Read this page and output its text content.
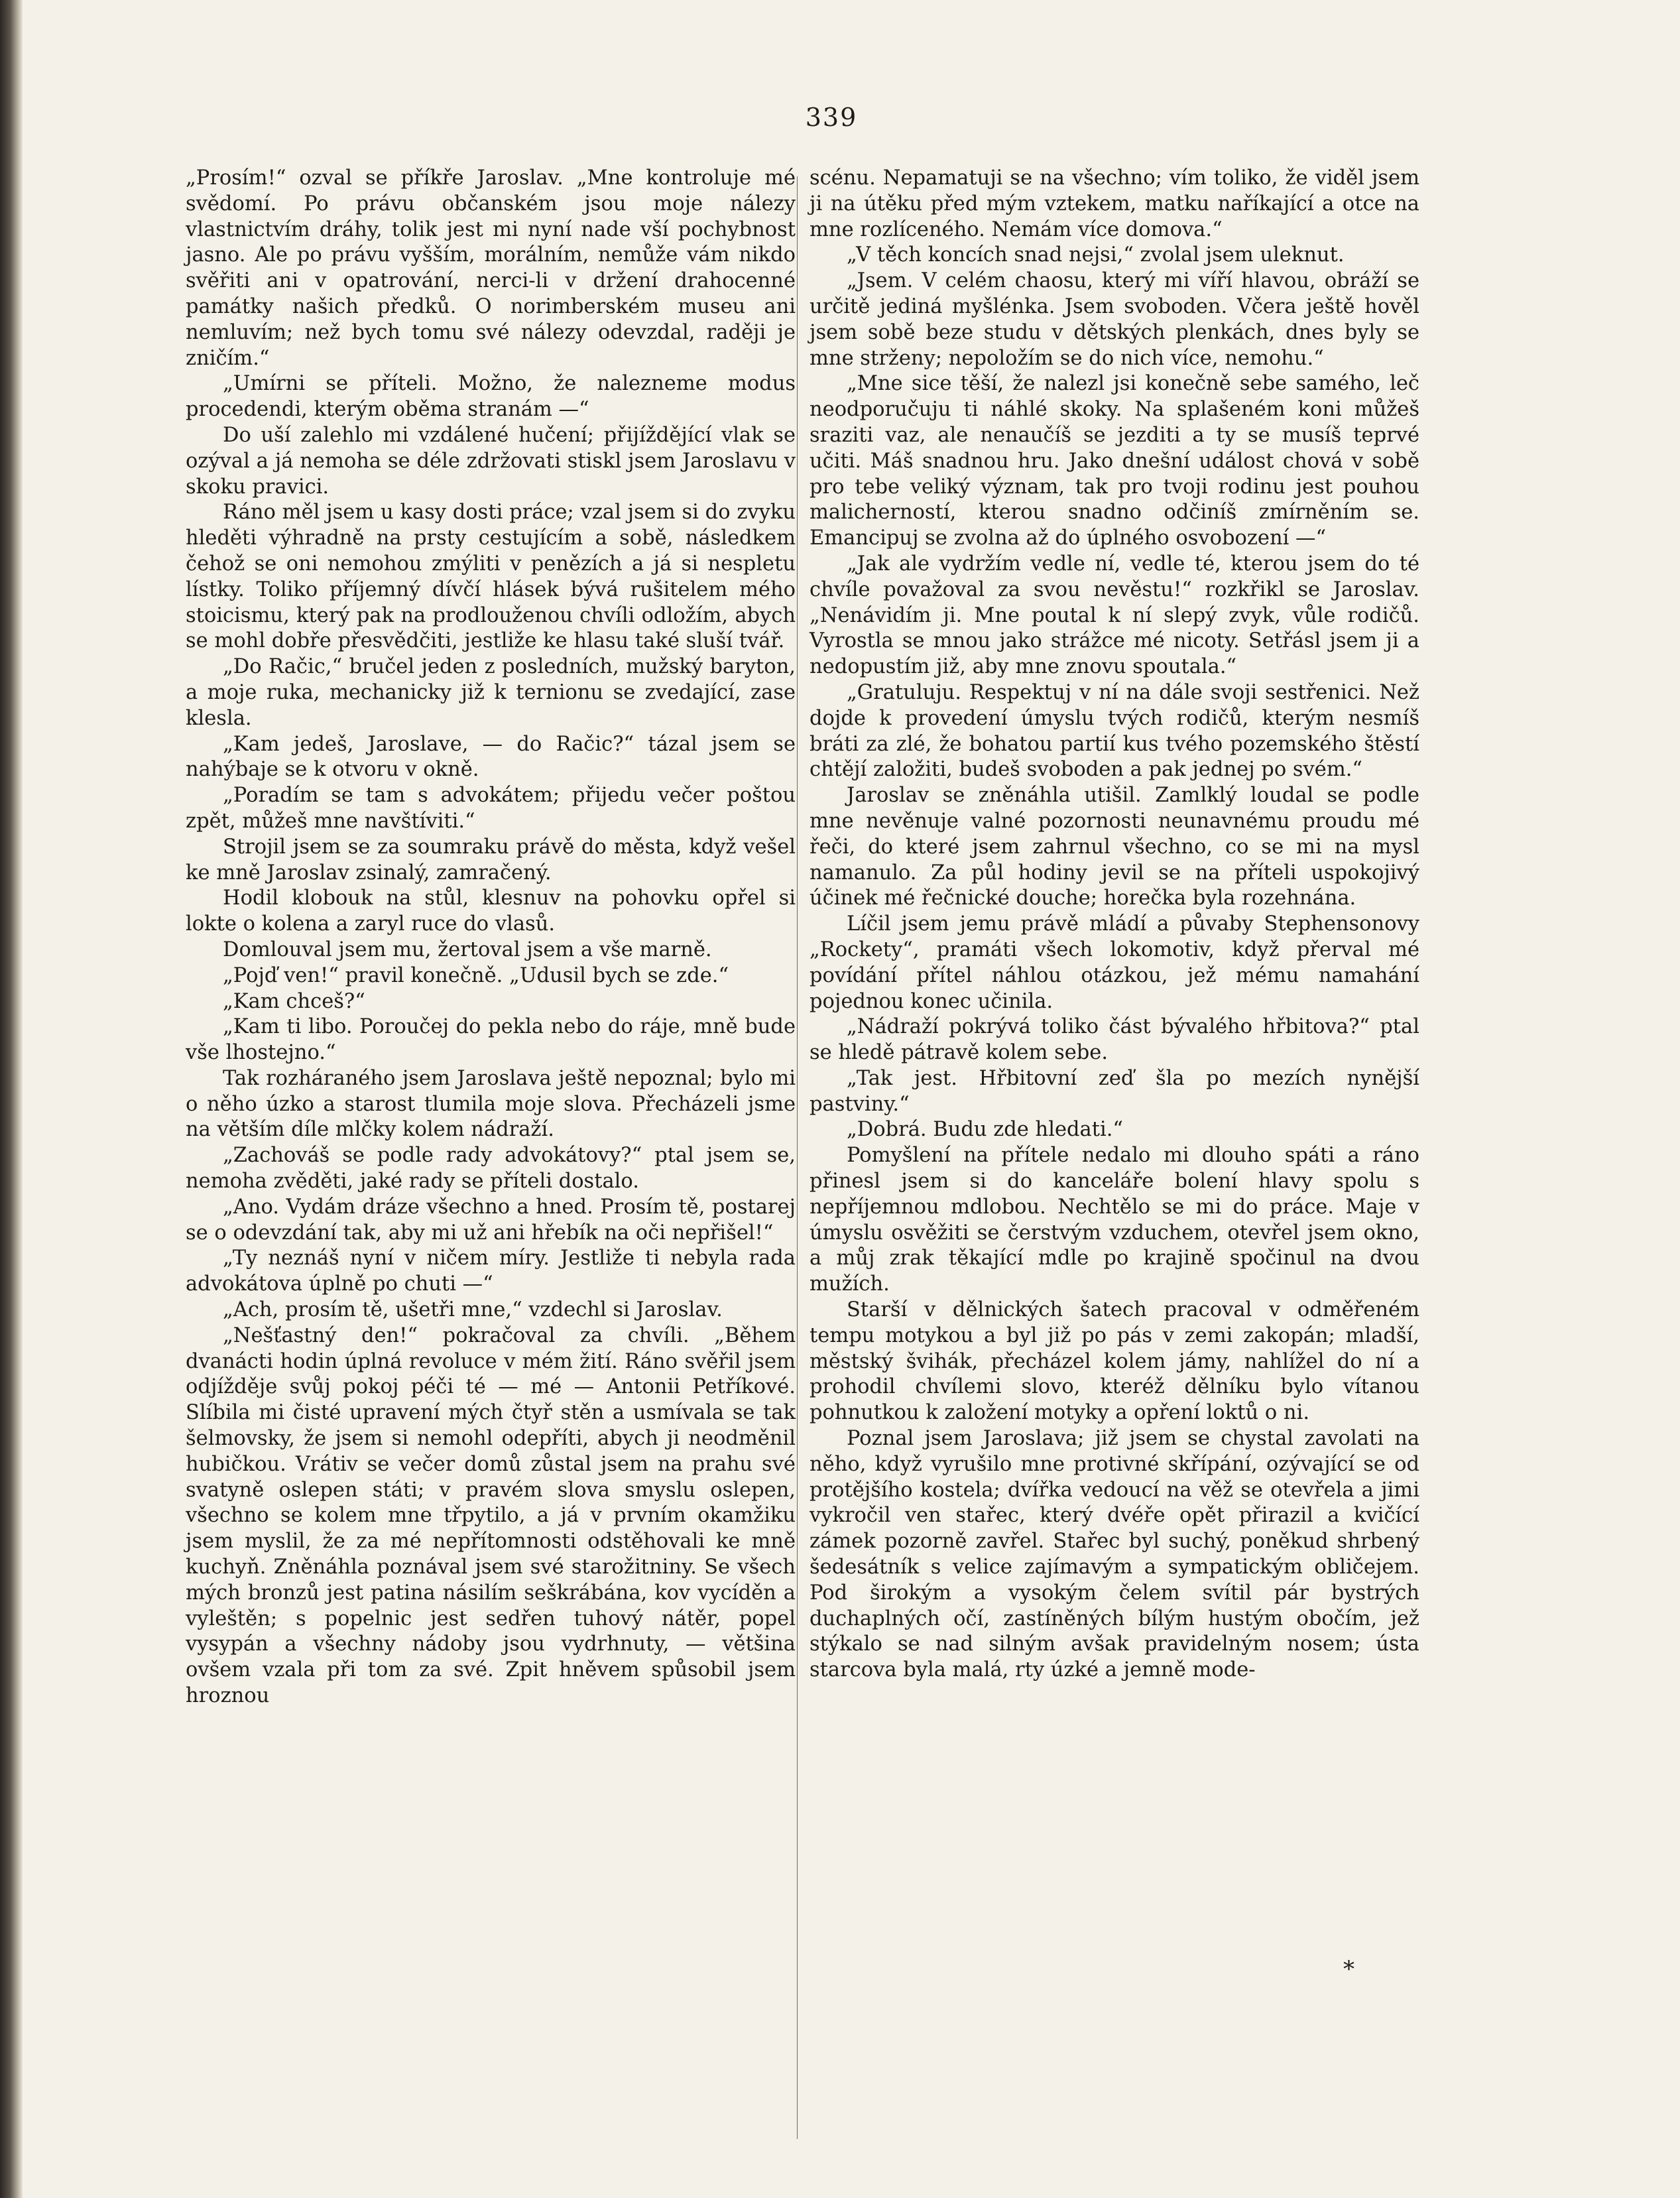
339

„Prosím!“ ozval se příkře Jaroslav. „Mne kontroluje mé svědomí. Po právu občanském jsou moje nálezy vlastnictvím dráhy, tolik jest mi nyní nade vší pochybnost jasno. Ale po právu vyšším, morálním, nemůže vám nikdo svěřiti ani v opatrování, nerci-li v držení drahocenné památky našich předků. O norimberském museu ani nemluvím; než bych tomu své nálezy odevzdal, raději je zničím.“

„Umírni se příteli. Možno, že nalezneme modus procedendi, kterým oběma stranám —“

Do uší zalehlo mi vzdálené hučení; přijíždějící vlak se ozýval a já nemoha se déle zdržovati stiskl jsem Jaroslavu v skoku pravici.

Ráno měl jsem u kasy dosti práce; vzal jsem si do zvyku hleděti výhradně na prsty cestujícím a sobě, následkem čehož se oni nemohou zmýliti v penězích a já si nespletu lístky. Toliko příjemný dívčí hlásek bývá rušitelem mého stoicismu, který pak na prodlouženou chvíli odložím, abych se mohl dobře přesvědčiti, jestliže ke hlasu také sluší tvář.

„Do Račic,“ bručel jeden z posledních, mužský baryton, a moje ruka, mechanicky již k ternionu se zvedající, zase klesla.

„Kam jedeš, Jaroslave, — do Račic?“ tázal jsem se nahýbaje se k otvoru v okně.

„Poradím se tam s advokátem; přijedu večer poštou zpět, můžeš mne navštíviti.“

Strojil jsem se za soumraku právě do města, když vešel ke mně Jaroslav zsinalý, zamračený.

Hodil klobouk na stůl, klesnuv na pohovku opřel si lokte o kolena a zaryl ruce do vlasů.

Domlouval jsem mu, žertoval jsem a vše marně.

„Pojď ven!“ pravil konečně. „Udusil bych se zde.“

„Kam chceš?“

„Kam ti libo. Poroučej do pekla nebo do ráje, mně bude vše lhostejno.“

Tak rozháraného jsem Jaroslava ještě nepoznal; bylo mi o něho úzko a starost tlumila moje slova. Přecházeli jsme na větším díle mlčky kolem nádraží.

„Zachováš se podle rady advokátovy?“ ptal jsem se, nemoha zvěděti, jaké rady se příteli dostalo.

„Ano. Vydám dráze všechno a hned. Prosím tě, postarej se o odevzdání tak, aby mi už ani hřebík na oči nepřišel!“

„Ty neznáš nyní v ničem míry. Jestliže ti nebyla rada advokátova úplně po chuti —“

„Ach, prosím tě, ušetři mne,“ vzdechl si Jaroslav.

„Nešťastný den!“ pokračoval za chvíli. „Během dvanácti hodin úplná revoluce v mém žití. Ráno svěřil jsem odjížděje svůj pokoj péči té — mé — Antonii Petříkové. Slíbila mi čisté upravení mých čtyř stěn a usmívala se tak šelmovsky, že jsem si nemohl odepříti, abych ji neodměnil hubičkou. Vrátiv se večer domů zůstal jsem na prahu své svatyně oslepen státi; v pravém slova smyslu oslepen, všechno se kolem mne třpytilo, a já v prvním okamžiku jsem myslil, že za mé nepřítomnosti odstěhovali ke mně kuchyň. Zněnáhla poznával jsem své starožitniny. Se všech mých bronzů jest patina násilím seškrábána, kov vycíděn a vyleštěn; s popelnic jest sedřen tuhový nátěr, popel vysypán a všechny nádoby jsou vydrhnuty, — většina ovšem vzala při tom za své. Zpit hněvem spůsobil jsem hroznou

scénu. Nepamatuji se na všechno; vím toliko, že viděl jsem ji na útěku před mým vztekem, matku naříkající a otce na mne rozlíceného. Nemám více domova.“

„V těch koncích snad nejsi,“ zvolal jsem uleknut.

„Jsem. V celém chaosu, který mi víří hlavou, obráží se určitě jediná myšlénka. Jsem svoboden. Včera ještě hověl jsem sobě beze studu v dětských plenkách, dnes byly se mne strženy; nepoložím se do nich více, nemohu.“

„Mne sice těší, že nalezl jsi konečně sebe samého, leč neodporučuju ti náhlé skoky. Na splašeném koni můžeš sraziti vaz, ale nenaučíš se jezditi a ty se musíš teprvé učiti. Máš snadnou hru. Jako dnešní událost chová v sobě pro tebe veliký význam, tak pro tvoji rodinu jest pouhou malicherností, kterou snadno odčiníš zmírněním se. Emancipuj se zvolna až do úplného osvobození —“

„Jak ale vydržím vedle ní, vedle té, kterou jsem do té chvíle považoval za svou nevěstu!“ rozkřikl se Jaroslav. „Nenávidím ji. Mne poutal k ní slepý zvyk, vůle rodičů. Vyrostla se mnou jako strážce mé nicoty. Setřásl jsem ji a nedopustím již, aby mne znovu spoutala.“

„Gratuluju. Respektuj v ní na dále svoji sestřenici. Než dojde k provedení úmyslu tvých rodičů, kterým nesmíš bráti za zlé, že bohatou partií kus tvého pozemského štěstí chtějí založiti, budeš svoboden a pak jednej po svém.“

Jaroslav se zněnáhla utišil. Zamlklý loudal se podle mne nevěnuje valné pozornosti neunavnému proudu mé řeči, do které jsem zahrnul všechno, co se mi na mysl namanulo. Za půl hodiny jevil se na příteli uspokojivý účinek mé řečnické douche; horečka byla rozehnána.

Líčil jsem jemu právě mládí a půvaby Stephensonovy „Rockety“, pramáti všech lokomotiv, když přerval mé povídání přítel náhlou otázkou, jež mému namahání pojednou konec učinila.

„Nádraží pokrývá toliko část bývalého hřbitova?“ ptal se hledě pátravě kolem sebe.

„Tak jest. Hřbitovní zeď šla po mezích nynější pastviny.“

„Dobrá. Budu zde hledati.“

Pomyšlení na přítele nedalo mi dlouho spáti a ráno přinesl jsem si do kanceláře bolení hlavy spolu s nepříjemnou mdlobou. Nechtělo se mi do práce. Maje v úmyslu osvěžiti se čerstvým vzduchem, otevřel jsem okno, a můj zrak těkající mdle po krajině spočinul na dvou mužích.

Starší v dělnických šatech pracoval v odměřeném tempu motykou a byl již po pás v zemi zakopán; mladší, městský švihák, přecházel kolem jámy, nahlížel do ní a prohodil chvílemi slovo, kteréž dělníku bylo vítanou pohnutkou k založení motyky a opření loktů o ni.

Poznal jsem Jaroslava; již jsem se chystal zavolati na něho, když vyrušilo mne protivné skřípání, ozývající se od protějšího kostela; dvířka vedoucí na věž se otevřela a jimi vykročil ven stařec, který dvéře opět přirazil a kvičící zámek pozorně zavřel. Stařec byl suchý, poněkud shrbený šedesátník s velice zajímavým a sympatickým obličejem. Pod širokým a vysokým čelem svítil pár bystrých duchaplných očí, zastíněných bílým hustým obočím, jež stýkalo se nad silným avšak pravidelným nosem; ústa starcova byla malá, rty úzké a jemně mode-

*
